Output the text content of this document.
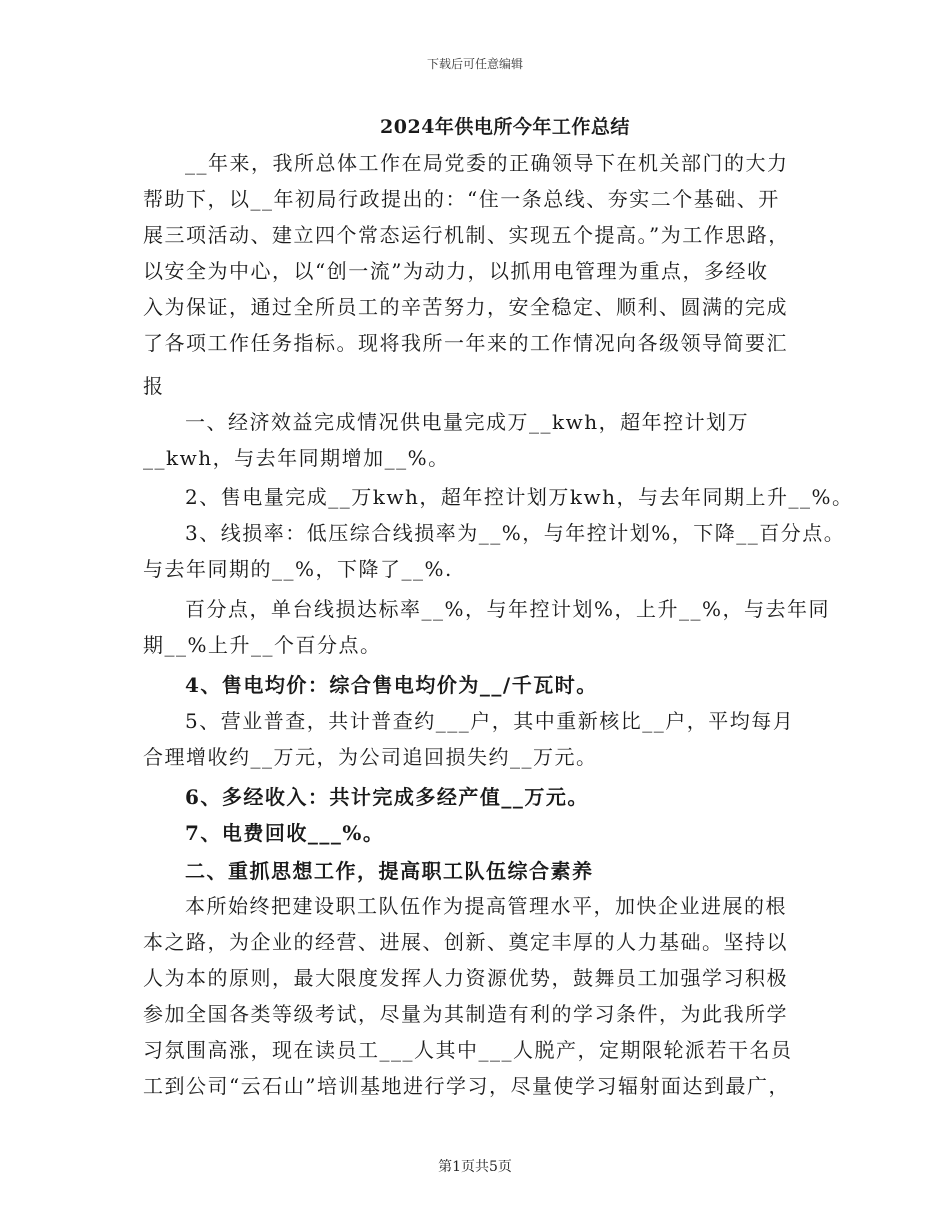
下载后可任意编辑
2024年供电所今年工作总结
__年来，我所总体工作在局党委的正确领导下在机关部门的大力
帮助下，以__年初局行政提出的：“住一条总线、夯实二个基础、开
展三项活动、建立四个常态运行机制、实现五个提高。”为工作思路，
以安全为中心，以“创一流”为动力，以抓用电管理为重点，多经收
入为保证，通过全所员工的辛苦努力，安全稳定、顺利、圆满的完成
了各项工作任务指标。现将我所一年来的工作情况向各级领导简要汇
报
一、经济效益完成情况供电量完成万__kwh，超年控计划万
__kwh，与去年同期增加__%。
2、售电量完成__万kwh，超年控计划万kwh，与去年同期上升__%。
3、线损率：低压综合线损率为__%，与年控计划%，下降__百分点。
与去年同期的__%，下降了__%.
百分点，单台线损达标率__%，与年控计划%，上升__%，与去年同
期__%上升__个百分点。
4、售电均价：综合售电均价为__/千瓦时。
5、营业普查，共计普查约___户，其中重新核比__户，平均每月
合理增收约__万元，为公司追回损失约__万元。
6、多经收入：共计完成多经产值__万元。
7、电费回收___%。
二、重抓思想工作，提高职工队伍综合素养
本所始终把建设职工队伍作为提高管理水平，加快企业进展的根
本之路，为企业的经营、进展、创新、奠定丰厚的人力基础。坚持以
人为本的原则，最大限度发挥人力资源优势，鼓舞员工加强学习积极
参加全国各类等级考试，尽量为其制造有利的学习条件，为此我所学
习氛围高涨，现在读员工___人其中___人脱产，定期限轮派若干名员
工到公司“云石山”培训基地进行学习，尽量使学习辐射面达到最广，
第1页共5页
